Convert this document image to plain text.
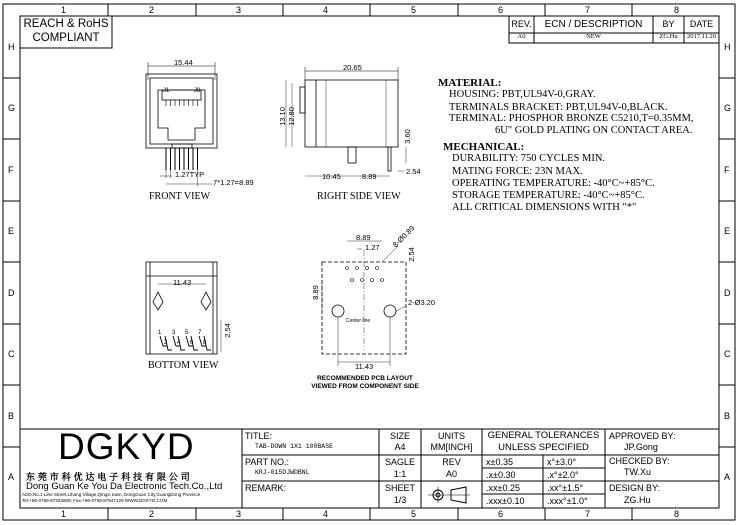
1	2	3	4	5	6	7	8
1	2	3	4	5	6	7	8
H
G
F
E
D
C
B
A
H
G
F
E
D
C
B
A
REACH & RoHS
COMPLIANT
REV.	ECN / DESCRIPTION	BY	DATE
A0	NEW	ZG.Hu	2017.11.20
15.44
J1	J8
1.27TYP
7*1.27=8.89
20.65
13.10 12.80
3.60
10.45	8.89
2.54
11.43
2.54
1
2
3
4
5
6
7
8
8.89
1.27 8-Ø0.89
2.54
8.89
2-Ø3.20
Center line
11.43
FRONT VIEW	RIGHT SIDE VIEW
BOTTOM VIEW
RECOMMENDED PCB LAYOUT
VIEWED FROM COMPONENT SIDE
MATERIAL:
HOUSING: PBT,UL94V-0,GRAY.
TERMINALS BRACKET: PBT,UL94V-0,BLACK.
TERMINAL: PHOSPHOR BRONZE C5210,T=0.35MM,
6U" GOLD PLATING ON CONTACT AREA.
MECHANICAL:
DURABILITY: 750 CYCLES MIN.
MATING FORCE: 23N MAX.
OPERATING TEMPERATURE: -40°C~+85°C.
STORAGE TEMPERATURE: -40°C~+85°C.
ALL CRITICAL DIMENSIONS WITH "*"
DGKYD
东 莞 市 科 优 达 电 子 科 技 有 限 公 司
Dong Guan Ke You Da Electronic Tech.Co.,Ltd
ADD:No.1 Lihe Street,Lihang Village,Qingxi town, DongGuan City,GuangDong Province
Tel:+86-0769-87334608; Fax:+86-0769-87647129 WWW.DGKYD.COM
TITLE:
TAB-DOWN 1X1 100BASE
SIZE
A4
UNITS
MM[INCH]
PART NO.:
KRJ-015DJWDBNL
SAGLE
1:1
REV
A0
REMARK:	SHEET
1/3
GENERAL TOLERANCES
UNLESS SPECIFIED
x±0.35	x°±3.0°
.x±0.30	.x°±2.0°
.xx±0.25	.xx°±1.5°
.xxx±0.10	.xxx°±1.0°
APPROVED BY:
JP.Gong
CHECKED BY:
TW.Xu
DESIGN BY:
ZG.Hu
